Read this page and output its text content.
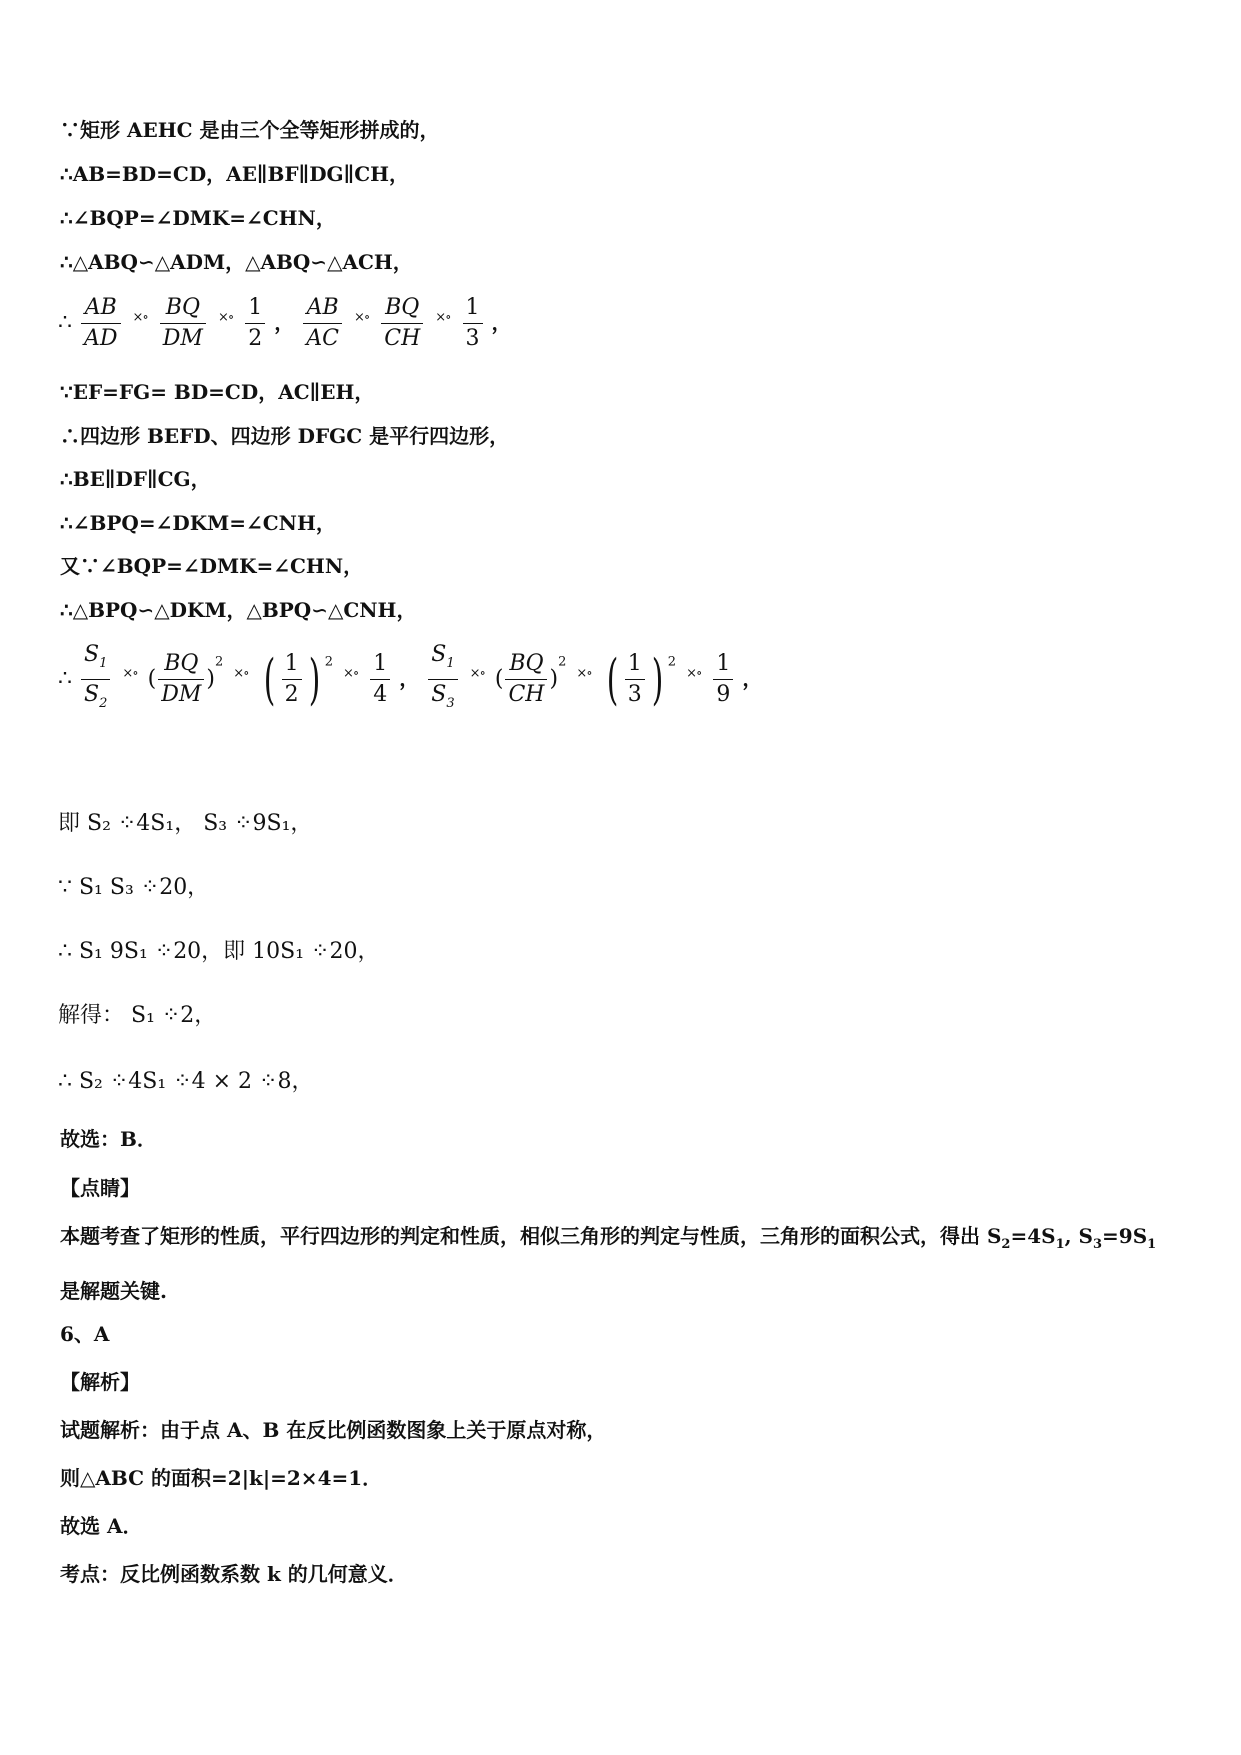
∵矩形 AEHC 是由三个全等矩形拼成的，
∴AB=BD=CD，AE∥BF∥DG∥CH，
∴∠BQP=∠DMK=∠CHN，
∴△ABQ∽△ADM，△ABQ∽△ACH，
∴ $\frac{AB}{AD}$ ×∘ $\frac{BQ}{DM}$ ×∘ $\frac{1}{2}$ ， $\frac{AB}{AC}$ ×∘ $\frac{BQ}{CH}$ ×∘ $\frac{1}{3}$ ，
∵EF=FG= BD=CD，AC∥EH，
∴四边形 BEFD、四边形 DFGC 是平行四边形，
∴BE∥DF∥CG，
∴∠BPQ=∠DKM=∠CNH，
又∵∠BQP=∠DMK=∠CHN，
∴△BPQ∽△DKM，△BPQ∽△CNH，
∴ $\frac{S_1}{S_2}$ ×∘ ( $\frac{BQ}{DM} )^2$ ×∘ ( $\frac{1}{2}$ ) $^2$ ×∘ $\frac{1}{4}$ ， $\frac{S_1}{S_3}$ ×∘ ( $\frac{BQ}{CH} )^2$ ×∘ ( $\frac{1}{3}$ ) $^2$ ×∘ $\frac{1}{9}$ ，
即 S₂ ⁘4S₁， S₃ ⁘9S₁，
∵ S₁ S₃ ⁘20，
∴ S₁ 9S₁ ⁘20，即 10S₁ ⁘20，
解得： S₁ ⁘2，
∴ S₂ ⁘4S₁ ⁘4 × 2 ⁘8，
故选：B．
【点睛】
本题考查了矩形的性质，平行四边形的判定和性质，相似三角形的判定与性质，三角形的面积公式，得出 $S_2=4S_1$, $S_3=9S_1$
是解题关键.
6、A
【解析】
试题解析：由于点 A、B 在反比例函数图象上关于原点对称，
则△ABC 的面积=2|k|=2×4=1．
故选 A．
考点：反比例函数系数 k 的几何意义．
